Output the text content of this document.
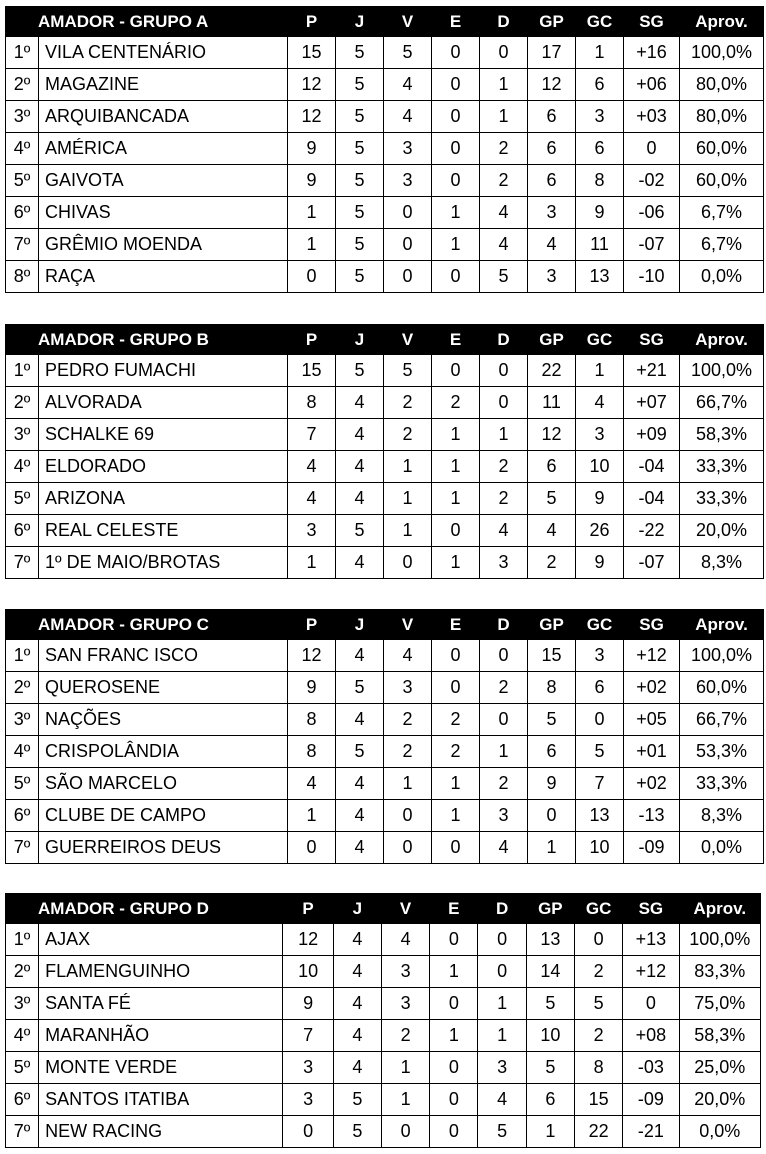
AMADOR - GRUPO A		P	J	V	E	D	GP	GC	SG	Aprov.
1º	VILA CENTENÁRIO	15	5	5	0	0	17	1	+16	100,0%
2º	MAGAZINE	12	5	4	0	1	12	6	+06	80,0%
3º	ARQUIBANCADA	12	5	4	0	1	6	3	+03	80,0%
4º	AMÉRICA	9	5	3	0	2	6	6	0	60,0%
5º	GAIVOTA	9	5	3	0	2	6	8	-02	60,0%
6º	CHIVAS	1	5	0	1	4	3	9	-06	6,7%
7º	GRÊMIO MOENDA	1	5	0	1	4	4	11	-07	6,7%
8º	RAÇA	0	5	0	0	5	3	13	-10	0,0%
AMADOR - GRUPO B		P	J	V	E	D	GP	GC	SG	Aprov.
1º	PEDRO FUMACHI	15	5	5	0	0	22	1	+21	100,0%
2º	ALVORADA	8	4	2	2	0	11	4	+07	66,7%
3º	SCHALKE 69	7	4	2	1	1	12	3	+09	58,3%
4º	ELDORADO	4	4	1	1	2	6	10	-04	33,3%
5º	ARIZONA	4	4	1	1	2	5	9	-04	33,3%
6º	REAL CELESTE	3	5	1	0	4	4	26	-22	20,0%
7º	1º DE MAIO/BROTAS	1	4	0	1	3	2	9	-07	8,3%
AMADOR - GRUPO C		P	J	V	E	D	GP	GC	SG	Aprov.
1º	SAN FRANC ISCO	12	4	4	0	0	15	3	+12	100,0%
2º	QUEROSENE	9	5	3	0	2	8	6	+02	60,0%
3º	NAÇÕES	8	4	2	2	0	5	0	+05	66,7%
4º	CRISPOLÂNDIA	8	5	2	2	1	6	5	+01	53,3%
5º	SÃO MARCELO	4	4	1	1	2	9	7	+02	33,3%
6º	CLUBE DE CAMPO	1	4	0	1	3	0	13	-13	8,3%
7º	GUERREIROS DEUS	0	4	0	0	4	1	10	-09	0,0%
AMADOR - GRUPO D		P	J	V	E	D	GP	GC	SG	Aprov.
1º	AJAX	12	4	4	0	0	13	0	+13	100,0%
2º	FLAMENGUINHO	10	4	3	1	0	14	2	+12	83,3%
3º	SANTA FÉ	9	4	3	0	1	5	5	0	75,0%
4º	MARANHÃO	7	4	2	1	1	10	2	+08	58,3%
5º	MONTE VERDE	3	4	1	0	3	5	8	-03	25,0%
6º	SANTOS ITATIBA	3	5	1	0	4	6	15	-09	20,0%
7º	NEW RACING	0	5	0	0	5	1	22	-21	0,0%
